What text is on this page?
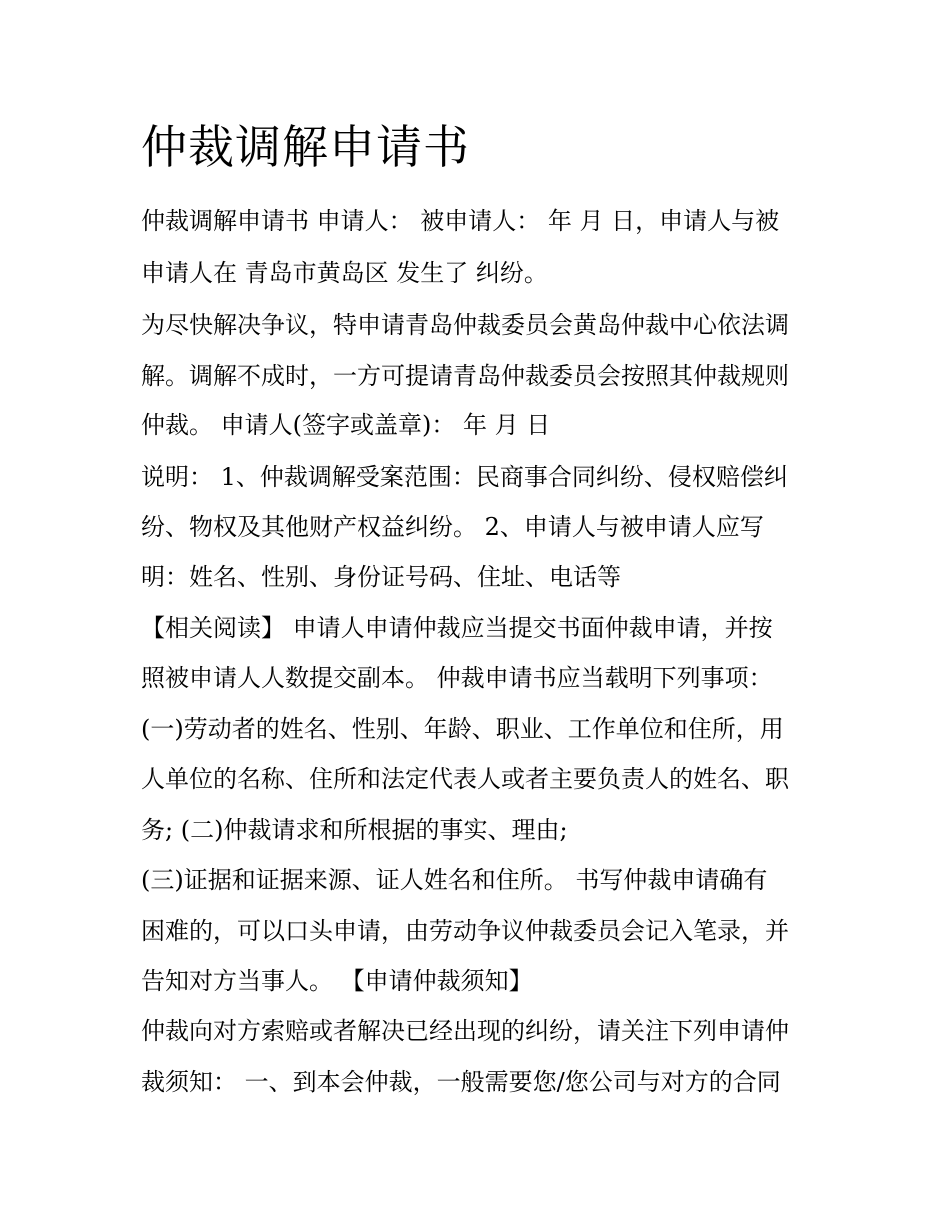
仲裁调解申请书

仲裁调解申请书 申请人： 被申请人： 年 月 日，申请人与被

申请人在 青岛市黄岛区 发生了 纠纷。

为尽快解决争议，特申请青岛仲裁委员会黄岛仲裁中心依法调

解。调解不成时，一方可提请青岛仲裁委员会按照其仲裁规则

仲裁。 申请人(签字或盖章)： 年 月 日

说明： 1、仲裁调解受案范围：民商事合同纠纷、侵权赔偿纠

纷、物权及其他财产权益纠纷。 2、申请人与被申请人应写

明：姓名、性别、身份证号码、住址、电话等

【相关阅读】 申请人申请仲裁应当提交书面仲裁申请，并按

照被申请人人数提交副本。 仲裁申请书应当载明下列事项：

(一)劳动者的姓名、性别、年龄、职业、工作单位和住所，用

人单位的名称、住所和法定代表人或者主要负责人的姓名、职

务; (二)仲裁请求和所根据的事实、理由;

(三)证据和证据来源、证人姓名和住所。 书写仲裁申请确有

困难的，可以口头申请，由劳动争议仲裁委员会记入笔录，并

告知对方当事人。 【申请仲裁须知】

仲裁向对方索赔或者解决已经出现的纠纷，请关注下列申请仲

裁须知： 一、到本会仲裁，一般需要您/您公司与对方的合同
